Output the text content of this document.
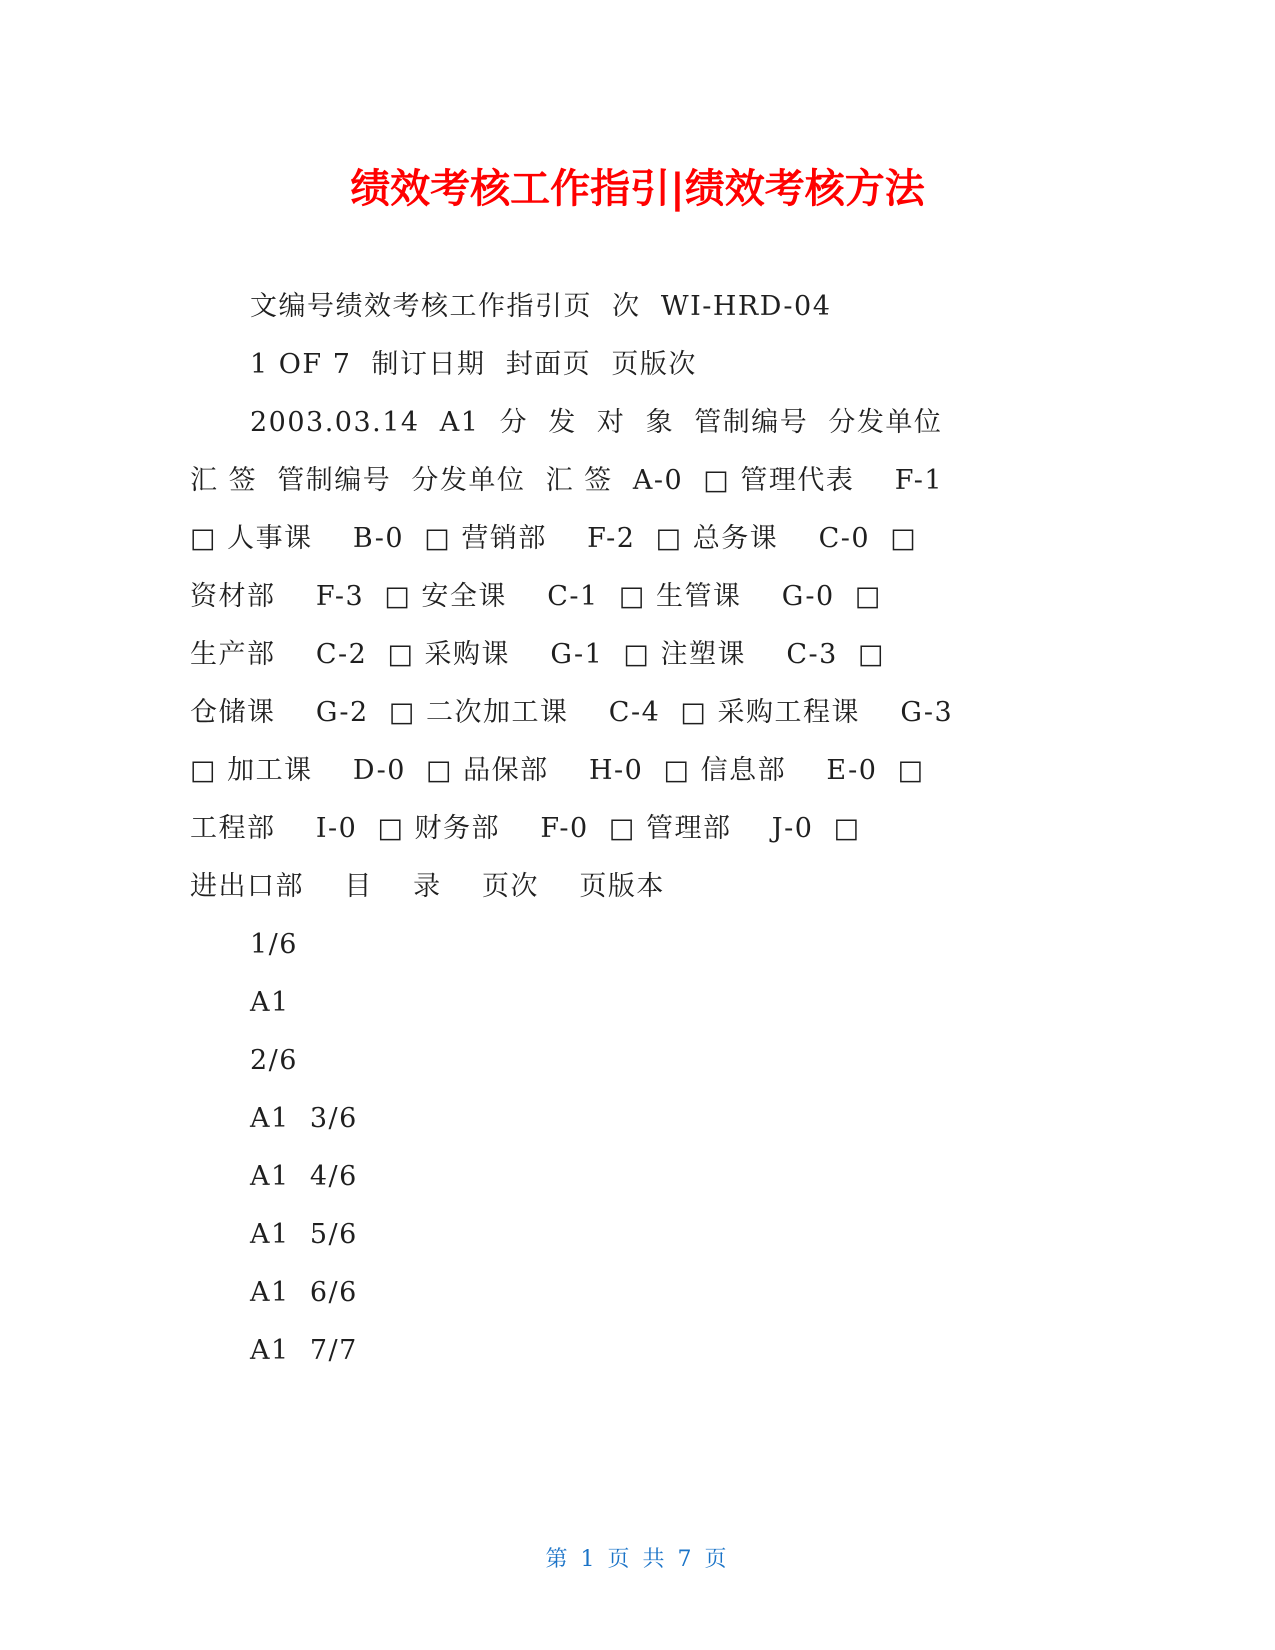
绩效考核工作指引|绩效考核方法
文编号绩效考核工作指引页  次  WI-HRD-04
1 OF 7  制订日期  封面页  页版次
2003.03.14  A1  分  发  对  象  管制编号  分发单位
汇 签  管制编号  分发单位  汇 签  A-0  □ 管理代表    F-1
□ 人事课    B-0  □ 营销部    F-2  □ 总务课    C-0  □
资材部    F-3  □ 安全课    C-1  □ 生管课    G-0  □
生产部    C-2  □ 采购课    G-1  □ 注塑课    C-3  □
仓储课    G-2  □ 二次加工课    C-4  □ 采购工程课    G-3
□ 加工课    D-0  □ 品保部    H-0  □ 信息部    E-0  □
工程部    I-0  □ 财务部    F-0  □ 管理部    J-0  □
进出口部    目    录    页次    页版本
1/6
A1
2/6
A1  3/6
A1  4/6
A1  5/6
A1  6/6
A1  7/7
第 1 页 共 7 页
